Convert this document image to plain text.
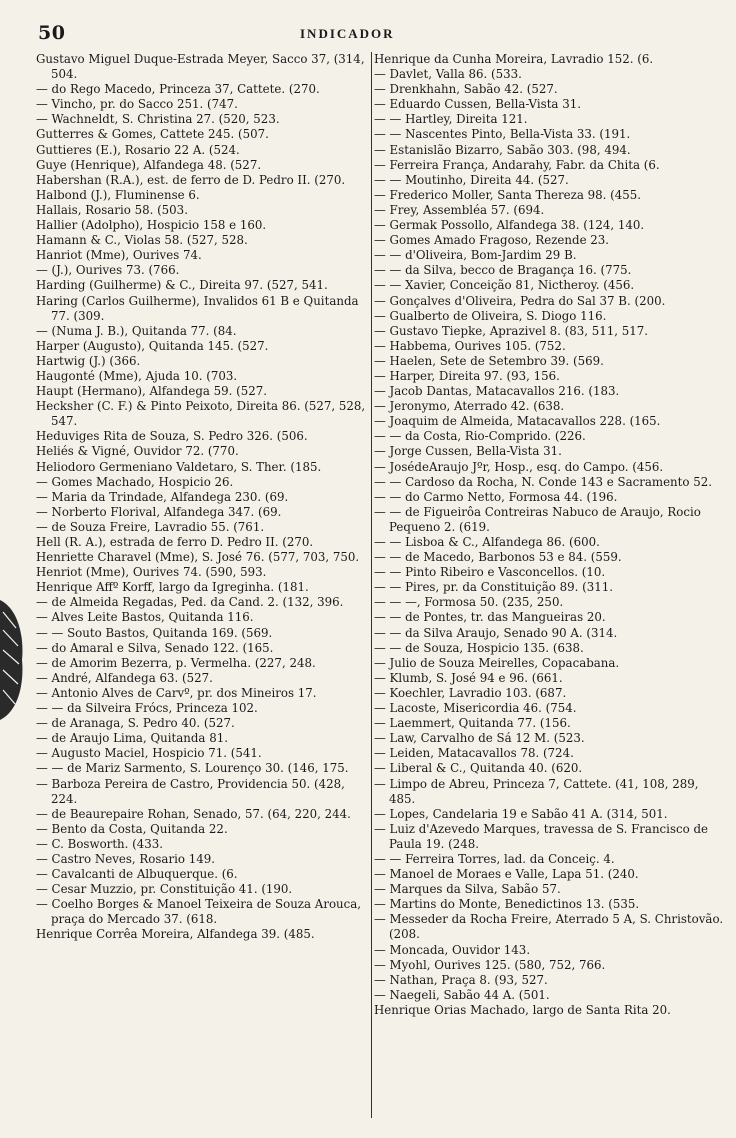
50	INDICADOR

Gustavo Miguel Duque-Estrada Meyer, Sacco 37, (314, 504.

— do Rego Macedo, Princeza 37, Cattete. (270.

— Vincho, pr. do Sacco 251. (747.

— Wachneldt, S. Christina 27. (520, 523.

Gutterres & Gomes, Cattete 245. (507.

Guttieres (E.), Rosario 22 A. (524.

Guye (Henrique), Alfandega 48. (527.

Habershan (R.A.), est. de ferro de D. Pedro II. (270.

Halbond (J.), Fluminense 6.

Hallais, Rosario 58. (503.

Hallier (Adolpho), Hospicio 158 e 160.

Hamann & C., Violas 58. (527, 528.

Hanriot (Mme), Ourives 74.

— (J.), Ourives 73. (766.

Harding (Guilherme) & C., Direita 97. (527, 541.

Haring (Carlos Guilherme), Invalidos 61 B e Quitanda 77. (309.

— (Numa J. B.), Quitanda 77. (84.

Harper (Augusto), Quitanda 145. (527.

Hartwig (J.) (366.

Haugonté (Mme), Ajuda 10. (703.

Haupt (Hermano), Alfandega 59. (527.

Hecksher (C. F.) & Pinto Peixoto, Direita 86. (527, 528, 547.

Heduviges Rita de Souza, S. Pedro 326. (506.

Heliés & Vigné, Ouvidor 72. (770.

Heliodoro Germeniano Valdetaro, S. Ther. (185.

— Gomes Machado, Hospicio 26.

— Maria da Trindade, Alfandega 230. (69.

— Norberto Florival, Alfandega 347. (69.

— de Souza Freire, Lavradio 55. (761.

Hell (R. A.), estrada de ferro D. Pedro II. (270.

Henriette Charavel (Mme), S. José 76. (577, 703, 750.

Henriot (Mme), Ourives 74. (590, 593.

Henrique Affº Korff, largo da Igreginha. (181.

— de Almeida Regadas, Ped. da Cand. 2. (132, 396.

— Alves Leite Bastos, Quitanda 116.

— — Souto Bastos, Quitanda 169. (569.

— do Amaral e Silva, Senado 122. (165.

— de Amorim Bezerra, p. Vermelha. (227, 248.

— André, Alfandega 63. (527.

— Antonio Alves de Carvº, pr. dos Mineiros 17.

— — da Silveira Frócs, Princeza 102.

— de Aranaga, S. Pedro 40. (527.

— de Araujo Lima, Quitanda 81.

— Augusto Maciel, Hospicio 71. (541.

— — de Mariz Sarmento, S. Lourenço 30. (146, 175.

— Barboza Pereira de Castro, Providencia 50. (428, 224.

— de Beaurepaire Rohan, Senado, 57. (64, 220, 244.

— Bento da Costa, Quitanda 22.

— C. Bosworth. (433.

— Castro Neves, Rosario 149.

— Cavalcanti de Albuquerque. (6.

— Cesar Muzzio, pr. Constituição 41. (190.

— Coelho Borges & Manoel Teixeira de Souza Arouca, praça do Mercado 37. (618.

Henrique Corrêa Moreira, Alfandega 39. (485.

Henrique da Cunha Moreira, Lavradio 152. (6.

— Davlet, Valla 86. (533.

— Drenkhahn, Sabão 42. (527.

— Eduardo Cussen, Bella-Vista 31.

— — Hartley, Direita 121.

— — Nascentes Pinto, Bella-Vista 33. (191.

— Estanislão Bizarro, Sabão 303. (98, 494.

— Ferreira França, Andarahy, Fabr. da Chita (6.

— — Moutinho, Direita 44. (527.

— Frederico Moller, Santa Thereza 98. (455.

— Frey, Assembléa 57. (694.

— Germak Possollo, Alfandega 38. (124, 140.

— Gomes Amado Fragoso, Rezende 23.

— — d'Oliveira, Bom-Jardim 29 B.

— — da Silva, becco de Bragança 16. (775.

— — Xavier, Conceição 81, Nictheroy. (456.

— Gonçalves d'Oliveira, Pedra do Sal 37 B. (200.

— Gualberto de Oliveira, S. Diogo 116.

— Gustavo Tiepke, Aprazivel 8. (83, 511, 517.

— Habbema, Ourives 105. (752.

— Haelen, Sete de Setembro 39. (569.

— Harper, Direita 97. (93, 156.

— Jacob Dantas, Matacavallos 216. (183.

— Jeronymo, Aterrado 42. (638.

— Joaquim de Almeida, Matacavallos 228. (165.

— — da Costa, Rio-Comprido. (226.

— Jorge Cussen, Bella-Vista 31.

— JosédeAraujo Jºr, Hosp., esq. do Campo. (456.

— — Cardoso da Rocha, N. Conde 143 e Sacramento 52.

— — do Carmo Netto, Formosa 44. (196.

— — de Figueirôa Contreiras Nabuco de Araujo, Rocio Pequeno 2. (619.

— — Lisboa & C., Alfandega 86. (600.

— — de Macedo, Barbonos 53 e 84. (559.

— — Pinto Ribeiro e Vasconcellos. (10.

— — Pires, pr. da Constituição 89. (311.

— — —, Formosa 50. (235, 250.

— — de Pontes, tr. das Mangueiras 20.

— — da Silva Araujo, Senado 90 A. (314.

— — de Souza, Hospicio 135. (638.

— Julio de Souza Meirelles, Copacabana.

— Klumb, S. José 94 e 96. (661.

— Koechler, Lavradio 103. (687.

— Lacoste, Misericordia 46. (754.

— Laemmert, Quitanda 77. (156.

— Law, Carvalho de Sá 12 M. (523.

— Leiden, Matacavallos 78. (724.

— Liberal & C., Quitanda 40. (620.

— Limpo de Abreu, Princeza 7, Cattete. (41, 108, 289, 485.

— Lopes, Candelaria 19 e Sabão 41 A. (314, 501.

— Luiz d'Azevedo Marques, travessa de S. Francisco de Paula 19. (248.

— — Ferreira Torres, lad. da Conceiç. 4.

— Manoel de Moraes e Valle, Lapa 51. (240.

— Marques da Silva, Sabão 57.

— Martins do Monte, Benedictinos 13. (535.

— Messeder da Rocha Freire, Aterrado 5 A, S. Christovão. (208.

— Moncada, Ouvidor 143.

— Myohl, Ourives 125. (580, 752, 766.

— Nathan, Praça 8. (93, 527.

— Naegeli, Sabão 44 A. (501.

Henrique Orias Machado, largo de Santa Rita 20.
